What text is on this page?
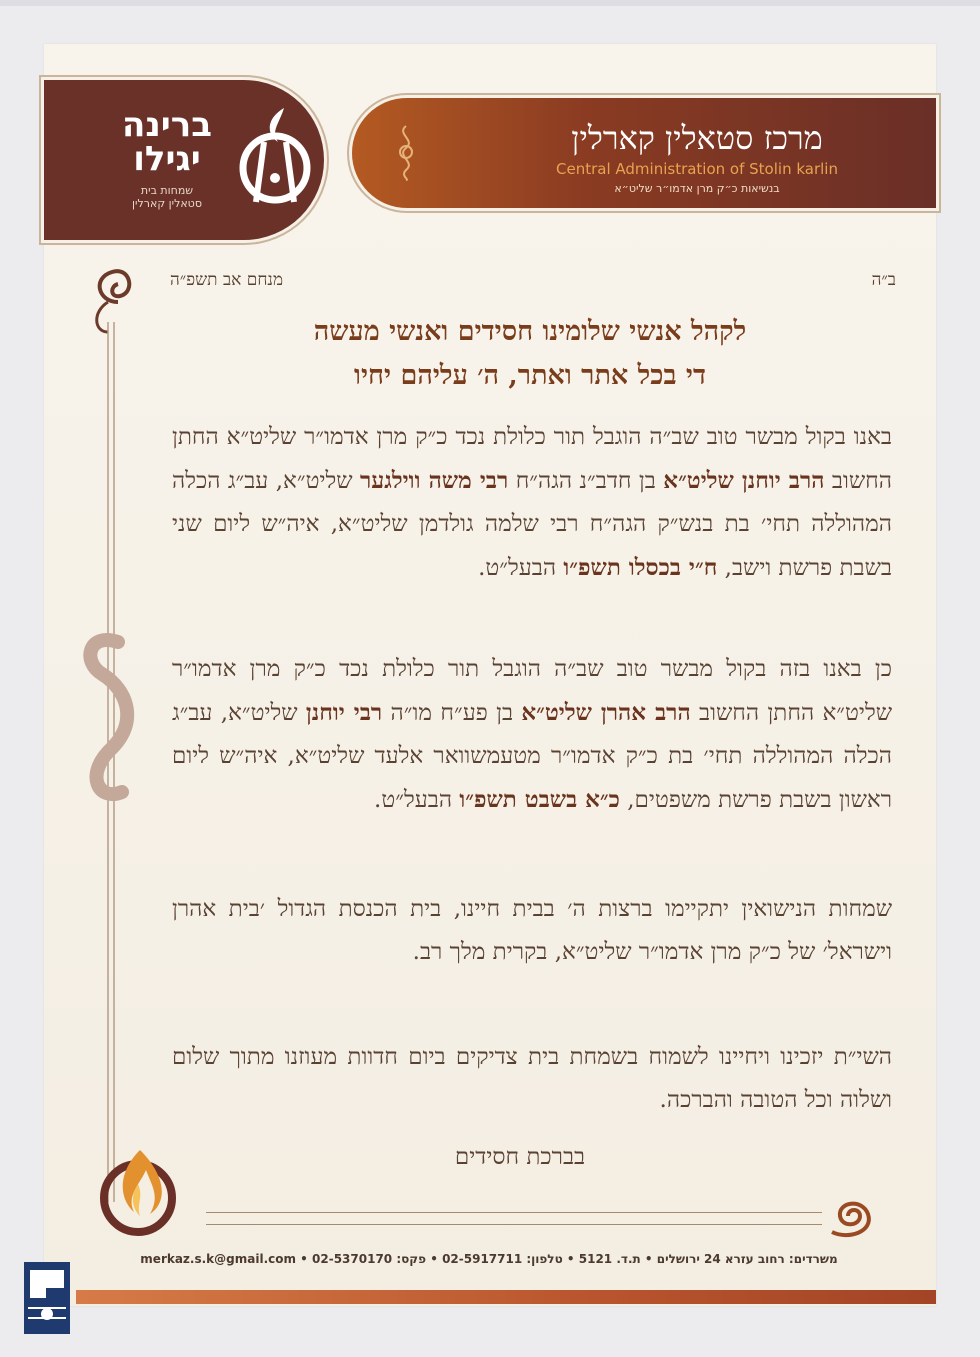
ברינה
יגילו
שמחות בית
סטאלין קארלין
מרכז סטאלין קארלין
Central Administration of Stolin karlin
בנשיאות כ״ק מרן אדמו״ר שליט״א
ב״ה
מנחם אב תשפ״ה
לקהל אנשי שלומינו חסידים ואנשי מעשה
די בכל אתר ואתר, ה׳ עליהם יחיו
באנו בקול מבשר טוב שב״ה הוגבל תור כלולת נכד כ״ק מרן אדמו״ר שליט״א החתן החשוב הרב יוחנן שליט״א בן חדב״נ הגה״ח רבי משה ווילגער שליט״א, עב״ג הכלה המהוללה תחי׳ בת בנש״ק הגה״ח רבי שלמה גולדמן שליט״א, איה״ש ליום שני בשבת פרשת וישב, ח״י בכסלו תשפ״ו הבעל״ט.
כן באנו בזה בקול מבשר טוב שב״ה הוגבל תור כלולת נכד כ״ק מרן אדמו״ר שליט״א החתן החשוב הרב אהרן שליט״א בן פע״ח מו״ה רבי יוחנן שליט״א, עב״ג הכלה המהוללה תחי׳ בת כ״ק אדמו״ר מטעמשוואר אלעד שליט״א, איה״ש ליום ראשון בשבת פרשת משפטים, כ״א בשבט תשפ״ו הבעל״ט.
שמחות הנישואין יתקיימו ברצות ה׳ בבית חיינו, בית הכנסת הגדול ׳בית אהרן וישראל׳ של כ״ק מרן אדמו״ר שליט״א, בקרית מלך רב.
השי״ת יזכינו ויחיינו לשמוח בשמחת בית צדיקים ביום חדוות מעוזנו מתוך שלום ושלוה וכל הטובה והברכה.
בברכת חסידים
משרדים: רחוב עזרא 24 ירושלים • ת.ד. 5121 • טלפון: 02-5917711 • פקס: 02-5370170 • merkaz.s.k@gmail.com
